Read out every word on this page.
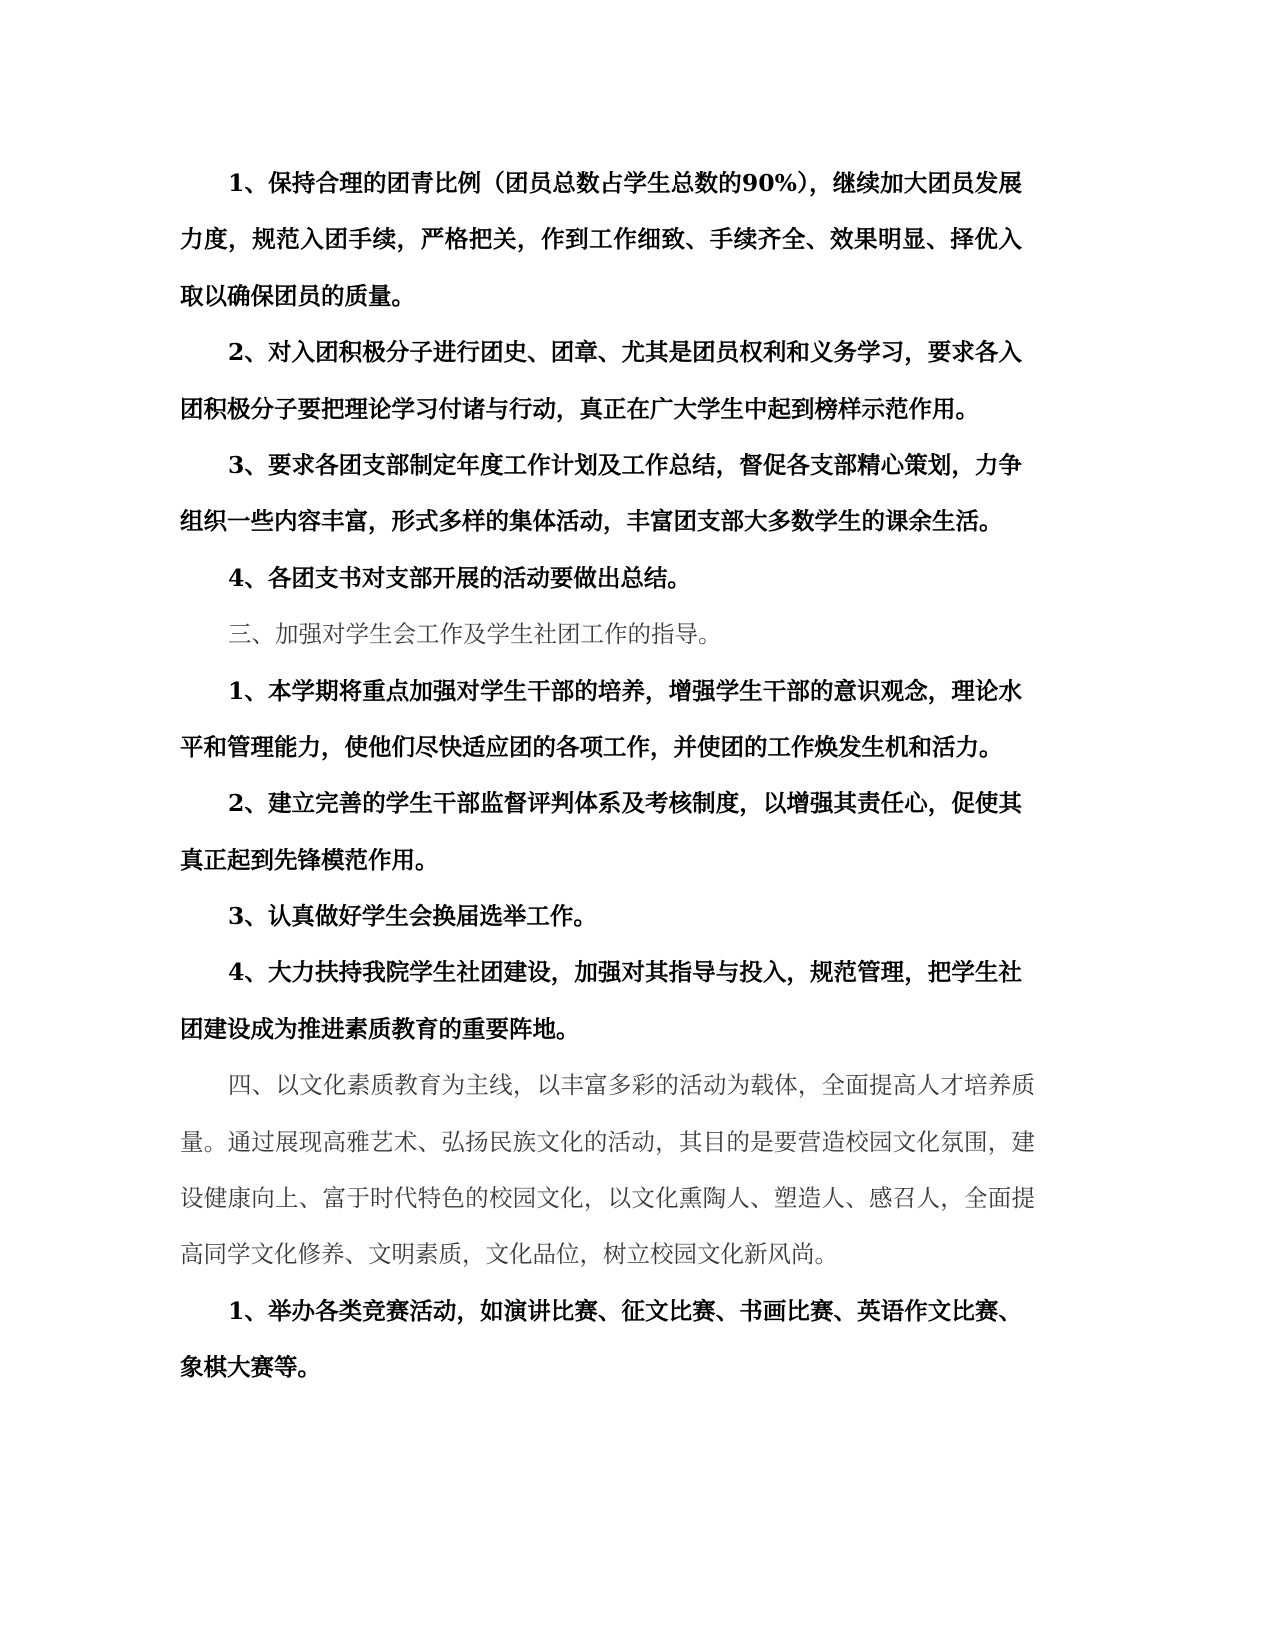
1、保持合理的团青比例（团员总数占学生总数的90%），继续加大团员发展
力度，规范入团手续，严格把关，作到工作细致、手续齐全、效果明显、择优入
取以确保团员的质量。
2、对入团积极分子进行团史、团章、尤其是团员权利和义务学习，要求各入
团积极分子要把理论学习付诸与行动，真正在广大学生中起到榜样示范作用。
3、要求各团支部制定年度工作计划及工作总结，督促各支部精心策划，力争
组织一些内容丰富，形式多样的集体活动，丰富团支部大多数学生的课余生活。
4、各团支书对支部开展的活动要做出总结。
三、加强对学生会工作及学生社团工作的指导。
1、本学期将重点加强对学生干部的培养，增强学生干部的意识观念，理论水
平和管理能力，使他们尽快适应团的各项工作，并使团的工作焕发生机和活力。
2、建立完善的学生干部监督评判体系及考核制度，以增强其责任心，促使其
真正起到先锋模范作用。
3、认真做好学生会换届选举工作。
4、大力扶持我院学生社团建设，加强对其指导与投入，规范管理，把学生社
团建设成为推进素质教育的重要阵地。
四、以文化素质教育为主线，以丰富多彩的活动为载体，全面提高人才培养质
量。通过展现高雅艺术、弘扬民族文化的活动，其目的是要营造校园文化氛围，建
设健康向上、富于时代特色的校园文化，以文化熏陶人、塑造人、感召人，全面提
高同学文化修养、文明素质，文化品位，树立校园文化新风尚。
1、举办各类竞赛活动，如演讲比赛、征文比赛、书画比赛、英语作文比赛、
象棋大赛等。
